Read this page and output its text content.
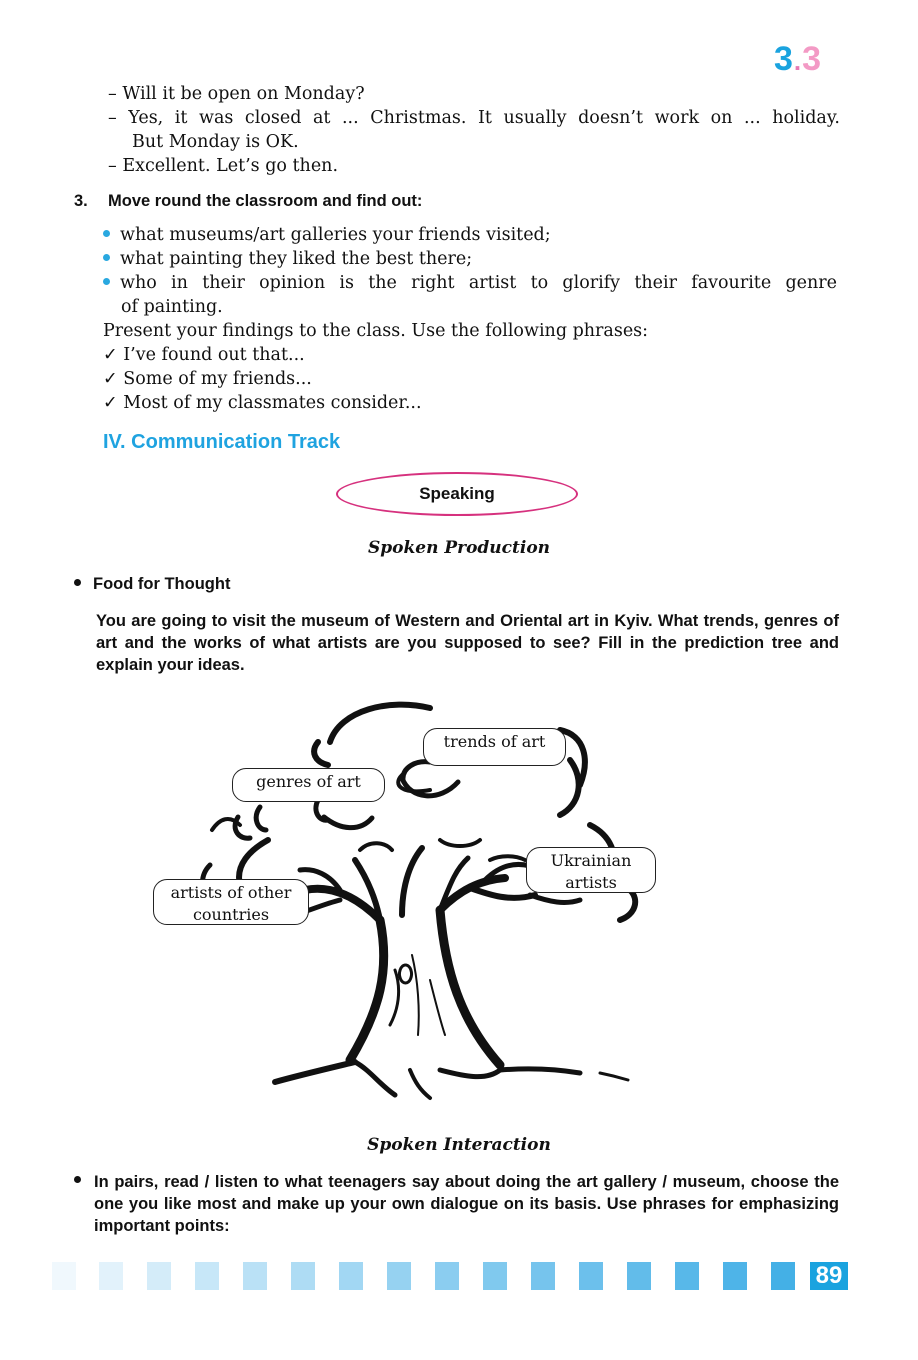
3.3
– Will it be open on Monday?
– Yes, it was closed at ... Christmas. It usually doesn’t work on ... holiday.
But Monday is OK.
– Excellent. Let’s go then.
3. Move round the classroom and find out:
what museums/art galleries your friends visited;
what painting they liked the best there;
who in their opinion is the right artist to glorify their favourite genre
of painting.
Present your findings to the class. Use the following phrases:
✓ I’ve found out that...
✓ Some of my friends...
✓ Most of my classmates consider...
IV. Communication Track
Speaking
Spoken Production
Food for Thought
You are going to visit the museum of Western and Oriental art in Kyiv. What trends, genres of art and the works of what artists are you supposed to see? Fill in the prediction tree and explain your ideas.
trends of art
genres of art
Ukrainian
artists
artists of other
countries
Spoken Interaction
In pairs, read / listen to what teenagers say about doing the art gallery / museum, choose the one you like most and make up your own dialogue on its basis. Use phrases for emphasizing important points:
89
